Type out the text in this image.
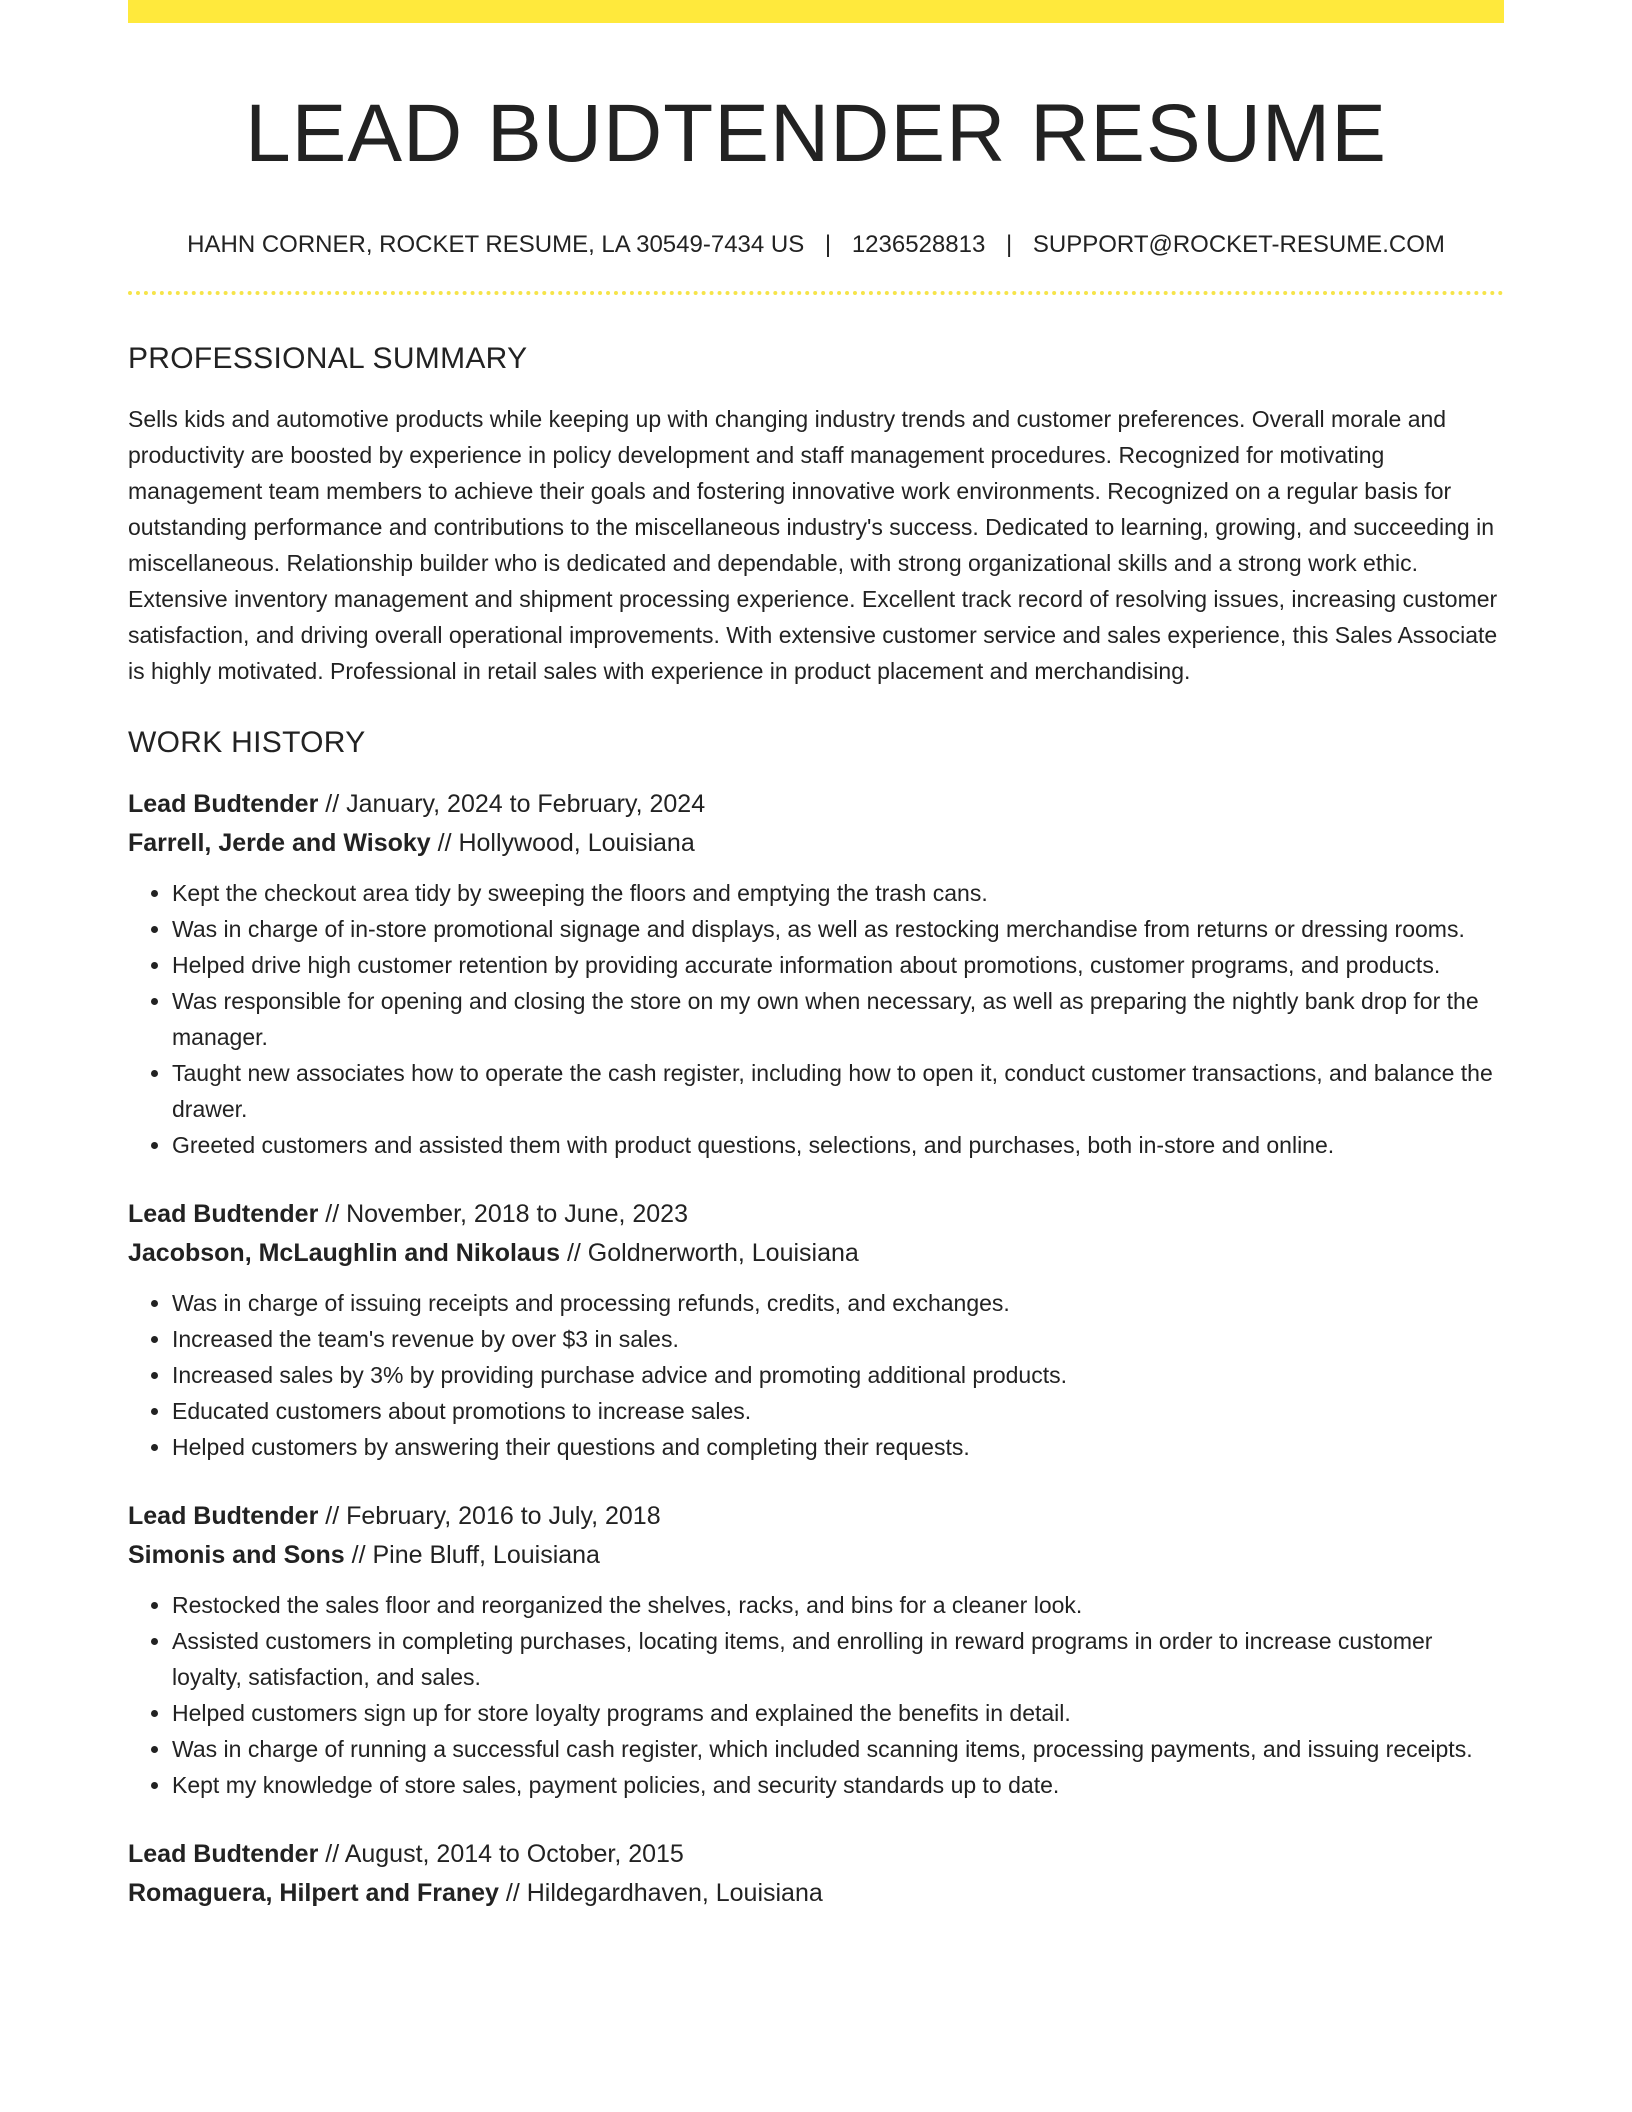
LEAD BUDTENDER RESUME
HAHN CORNER, ROCKET RESUME, LA 30549-7434 US | 1236528813 | SUPPORT@ROCKET-RESUME.COM
PROFESSIONAL SUMMARY

Sells kids and automotive products while keeping up with changing industry trends and customer preferences. Overall morale and productivity are boosted by experience in policy development and staff management procedures. Recognized for motivating management team members to achieve their goals and fostering innovative work environments. Recognized on a regular basis for outstanding performance and contributions to the miscellaneous industry's success. Dedicated to learning, growing, and succeeding in miscellaneous. Relationship builder who is dedicated and dependable, with strong organizational skills and a strong work ethic. Extensive inventory management and shipment processing experience. Excellent track record of resolving issues, increasing customer satisfaction, and driving overall operational improvements. With extensive customer service and sales experience, this Sales Associate is highly motivated. Professional in retail sales with experience in product placement and merchandising.

WORK HISTORY
Lead Budtender // January, 2024 to February, 2024
Farrell, Jerde and Wisoky // Hollywood, Louisiana
• Kept the checkout area tidy by sweeping the floors and emptying the trash cans.
• Was in charge of in-store promotional signage and displays, as well as restocking merchandise from returns or dressing rooms.
• Helped drive high customer retention by providing accurate information about promotions, customer programs, and products.
• Was responsible for opening and closing the store on my own when necessary, as well as preparing the nightly bank drop for the manager.
• Taught new associates how to operate the cash register, including how to open it, conduct customer transactions, and balance the drawer.
• Greeted customers and assisted them with product questions, selections, and purchases, both in-store and online.
Lead Budtender // November, 2018 to June, 2023
Jacobson, McLaughlin and Nikolaus // Goldnerworth, Louisiana
• Was in charge of issuing receipts and processing refunds, credits, and exchanges.
• Increased the team's revenue by over $3 in sales.
• Increased sales by 3% by providing purchase advice and promoting additional products.
• Educated customers about promotions to increase sales.
• Helped customers by answering their questions and completing their requests.
Lead Budtender // February, 2016 to July, 2018
Simonis and Sons // Pine Bluff, Louisiana
• Restocked the sales floor and reorganized the shelves, racks, and bins for a cleaner look.
• Assisted customers in completing purchases, locating items, and enrolling in reward programs in order to increase customer loyalty, satisfaction, and sales.
• Helped customers sign up for store loyalty programs and explained the benefits in detail.
• Was in charge of running a successful cash register, which included scanning items, processing payments, and issuing receipts.
• Kept my knowledge of store sales, payment policies, and security standards up to date.
Lead Budtender // August, 2014 to October, 2015
Romaguera, Hilpert and Franey // Hildegardhaven, Louisiana
